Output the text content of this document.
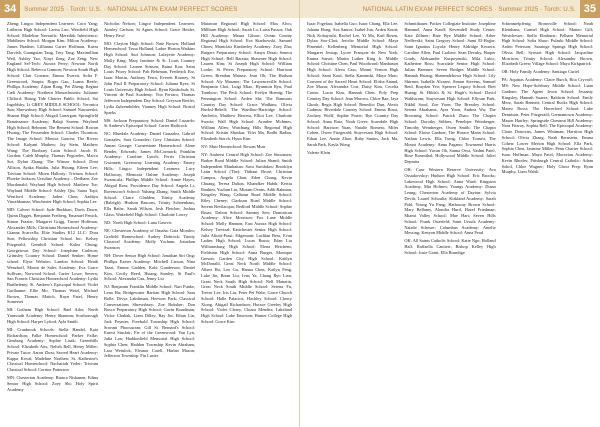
34	Summer 2025 · Torch: U.S. · NATIONAL LATIN EXAM PERFECT SCORES

Zheng; Lingco Independent Learners: Coco Yang; Littleton High School: Larisa Luo; Westfield High School: Madeline Navratils; Meredith Inheritence; Middlesex School: Morgan Kim; Milton Academy: James Bradner, Lillianna Carter Hoffman, Kaera Darvish, Guangxian Tang, Trey Tang, Maximillian Weil, Ashley Yao, Xinyi Zeng, Zoe Zeng; New England Sel-Tech: Aurora Perry; Newton North High School: Rebecca Gannon; Newton South High School: Clair Corrane, Emma Everett, Sofia F. Greenwood, Soupir; Roger Gao, Luana Reefe; Phillips Academy: Zijian Rong, Pei Zheng; Regina Cæli Academy: Northern Massachusetts: Julianne Clifford; Rising Tide Charter Public School; Sai Ingoldsby, Li GREY MIDDLE SCHOOL: Veronica Sun; Shrewsbury High School: Samuel Nawazeshi; Sharon High School: Abigail Lonergan; Springfield Renaissance Academy; Balaji Soreen; Wayland High School; Belmont; The Bement School: Rowan Hwang; The Fessenden School: Charles Thornton; The Image School: Monica Gaucea; The Rivers School: Kalyani Mathew; Jay Stein, Matthew Wang; The Roxbury Latin School: Jacob B. Gordon; Caleb Murphy, Thomas Pogorelec, Marco Sui; Dylan Zhang; The Winsor School: Dora Allison, Ayaka Hatabu, Julia Hsiung, Eileen Lee; Trivium School: Miren Hallorty; Trivium School: Phoebe Jackson; Ursuline Academy – Dedham: Zoe Macdonald; Wayland High School: Matthew Tse; Wayland Middle School: Ashley Qiu, Saara Topi; Westford Academy: Jaden Chen, Aaditya Vinothkumar; Winchester High School: Sophia Lee

MD: Calvert School: Jude Burkhart, Davis Dawn, Quinn Digges, Benjamin Freiberg, Emanuel Fenick, Simon Frazier, Margaret Grigg, Turner Hoffman, Alexander Mills; Christiana Homeschool Academy: Gianna Scarcella; Elite Studies K12 LLC: Dora Sun; Fellowship Christian School Inc: Kelsey Fitzgerald; Geenhill School: Kalea Chung; Georgetown Day School: Josephine Carleton; Grimsley Country School: Daniel Senker; Home school: Elyse Webster; Landon School: Heath Wenzhoff, Mount de Sales Academy: Eva Grace Sullivan; Norwood School: Carter Lowe; Severn; San Francis Christian Homeschool Academy: Lydia Barthelemy; St. Andrew's Episcopal School: Violet Guillaume; Ellie Mo, Thomas Wetzl, Michael Brown, Thomas Matich, Rayn Patel, Henry Somerset

MI: Gotham High School: Rael Atler, North Yarmouth Academy: Henry Shannon; Scarborough High School: Harper Lyford, Ayla Smith

MI: Cranbrook Schools: Stella Handel, Kaia Richardson; Falke Homeschool: Parker Falke; Ginsburg Academy: Sophie Lisak; Greenhills School: Elizabeth Arts, Nelieh Bell, Henry Miller; Private Tutor: Aaron Zhou; Sacred Heart Academy; Kappa Koval; Madeline Northen; St. Katherine's Classical Homeschool: Nachariah Yoder; Trivium Classical School: Corrine Patterson

MN: Chesterton Academy: Bianca Niskanen; Edina Senior High School: Zoey Shi; Holy Spirit Academy

Nicholas Nelson; Lingco Independent Learners: Ainsley Carlson; St Agnes School: Grace Heider, Henry Pawl

MO: Clayton High School: Nate Brown; Holland Homeschool: Tessa Holland; Ladue Horton Watkins High School: Suri Johnson; Lafayette Academy: Molly King; Mary Institute & St. Louis Country Day School: Lauren Stinson; Raina Kou; Saint Louis Priory School: Pab Behrman, Frederick Erz, Isaac Martin, Anthony Ferra, Everett Rooney, St John Paul II Preparatory School: Juliana Ryes; St Louis University High School: Ryan Kindschuh; St. Vincent de Paul Academy: Vito Ferraro; Thomas Jefferson Independent Day School: Greyson Bretler, Lydia Zuhrendulder; Vianney High School: Bristol Sparks

MS: Jackson Preparatory School: Daniel Luzardo; St Andrew's Episcopal School: Carter Hathcock

NC: Bluedale Academy: Daniel Gonzalez, Gabriel Gonzales; Sara Gonzalez; Grey Christian School: Annan George; Cornerstone Homeschool: Alene Bender, Edwards; James McCormack; Franklin Academy: Caroline Lynch; Ferris Christian Gwinnett; Greenway Learning Academy: Emery Hills; Lingco Independent Learners: Lucy Holloway; Memoria Online Academy: Joseph Swanscala; Phillips Middle School: Annie Hayes, Abigail Ross; Providence Day School: Angela Li, Ravenscroft School: Yuhang Zhang; Smith Middle School: Claire Gladden; Trinity Academy (Raleigh): Hudson Bascom, Trinity Schoenhaus, Ella Bathe, Sarah Wilson, Josh Fletcher, Joshua Glass; Wakefield High School: Charlotte Lowry

ND: North High School: Luna Gasevic

NE: Chesterton Academy of Omaha: Gaia Morales; Grafield Homeschool: Audrey Dobrock; Trinity Classical Academy: Molly Yochum, Jonathan Swanson

NH: Dover Senior High School: Jonathan Siri Ong; Phillips Exeter Academy: Mitchell Carson, Nina Tazzi, Emma Gadden, Kohi Gunderson, Daniel Kim, Cecily Reed, Hsiang Stanley; St Paul's School: Alexandra Cau, Jenny Liu

NJ: Benjamin Franklin Middle School: Nari Funke, Lena Hu; Bridgewater Raritan High School: Sara Bolle, Divya Lakshman, Heewon Park; Classical Conversations Shrewsbury: Zoe Boksher; Don Bosco Preparatory High School: Gavin Boardman, Victor Chubak, Liam Dilley, Ray Jin, Ethan Lin, Jack Poynter; Freehold Township High School: Sravani Phoosuram; Gill St. Bernard's School: Ernest Sinclair; Fie of the Greenwood: Yan Lyn, Julia Lan; Haddonfield Memorial High School: Sophia Chen; Haddon Township Kevin Abraham, Lara Weinlick, Eleanor Carell, Harlan Mason; Jefferson Township: Fin Luster

Matawan Regional High School: Max Alws; Millburn High School: Sarah Lo, Luisa Passos; Oak Hill Academy: Maura Gilson; Ocean County Regional High School: Eva Skadrowski, Samuel Clines; Montclair Kimberley Academy: Zoey Zhu; Rutgers Preparatory School: Aanya Desai; Seneca High School: Bell Baratta; Shawnee High School: Lauren Kim; St Joseph High School: William Looke; St Peters Preparatory School: Harrison Green, Brendan Matuse, Jean Oh; The Hudson School: Aly Marzner; The Lawrenceville School: Benjamin Choi, Luigi Miao, Hyunmin Ryu, Paul Turnbow; The Peck School: Evelyn Hoenig; The Pennington School: Arden Shi; The Ramsons Country Day School: Grace Wadkins; Olivia Bucksl-Bekelf; The Wardlaw-Hartridge School: Anchetta, Matthew Herrera, Elliot Lee, Charlotte Swartz; Wall High School: Avonlee McInnes, William Allen; Watchung Hills Regional High School: Kristin Shaxkar, Yifei Ma, Bodhi Radim, Elizabeth Storch, Hyun Kim

NV: Muir Homeschool: Rowan Muir

NY: Amherst Central High School: Zoe Simonsen; Barker Road Middle School: Julian Shand; Smith Independent Manhattan: Sava Saridakos; Brooklyn Latin School (The): Thibaut Brosé, Christian Campos, Angela Chan, Eden Chung, Kevin Chuang, Teresa Dalton, Khandker Habib, Kerttu Ibrahim, Yuchun Liu, Miriam Ovans, Adib Rahman, Kingsley Wang; Calhoun Road Middle School: Riley Cheney; Clarkson Road Middle School: Serena Bevilacqua; Bedford Middle School: Sophie Bruas; Dalton School: Sammy Sen; Dominican Academy: Alice Morrison; Fox Lane Middle School: Molly Hannon; East Aurora High School: Kelsey Trevizal; Eastchester Senior High School: Julia Aliotti-Passi; Edgemont: Lachlan Bess, Evan Ladies High School; Lucas Russo; Edan Liu Williamsburg High School: Elena Hetchens; Fieldston High School: Anna Burges, Monique Gerson; Garden City High School: Kaitlyn McDonald, Great Neck North Middle School: Albert Hu, Leo Gu, Hanna Chen, Kailyn Feng, Luke Jin, Brian Liu, Ivan Ya, Chang Ryo Lian; Great Neck South High School: Nell Manarin, Great Neck South Middle School: Serena Fu, Trevor Lee, Iris Liu, Peter Pei Wahr; Grace Church School: Halle Palacios; Hackley School: Cherry Xiong, Abigail Richardson; Horace Greeley High School: Violet Cleary, Chiara Mendez; Lakeland High School: Luke Emerson; Hunter College High School: Grace Kim

NATIONAL LATIN EXAM PERFECT SCORES · Summer 2025 · Torch: U.S. 35

Isaac Fogelaar, Isabella Guo; Isaac Chang, Ella Lee, Johann Hong; Ava Santos; Isabel Jun, Arden Knott; Nick Kobayashi, Rachel Lee, Yi Mu, Karl Rosen, Dylan Soo-Choi; Jericho Middle School: Maya Pimentel; Kellenberg Memorial High School: Margaret Jessup; Lycee Français de New York: Emma Sarsot; Martin Luther King Jr. Middle School: Christine Chen, Paul Woodward; Manhasset High School: Alexa Cass; Mount Vernon High School: Sami Koul, Stella Kaminski, Maya Mrac; Convent of the Sacred Heart School: Elisha Anand, Zoe Mazur, Alexandra Corr, Daisy Kim, Cecelia Castro, Lucia Kim, Hannah Chen; Poly Prep Country Day School: Jean Morrow, Chloe Bae, Jaya Ghosh; Regis High School: Benedict Dun, Alexis Cadmus; Riverdale Country School: Emma Rossi, Zachary Wolff, Sophie Porter; Rye Country Day School: Anna Ruiz, Noah Greer; Scarsdale High School: Harrison Yuan, Natalie Romero, Miles Cohen, Owen Fitzgerald; Stuyvesant High School: Ethan Lee, Annie Zhao, Ruby Santos, Jack Ma, Sarah Park, Kayla Wong

Valerie Klein

Schmitthauer, Packer Collegiate Institute: Josephine Hammel, Anna Kauff; Kevendell Study Center; Kate Zillmer; Rate Bye Middle School: Arber Nedlevski; Saint Gregory School: Sami El-Hajjar; Saint Ignatius Loyola: Henry Aldridge Kessera, Caroline Allen, Paul Carlone, Sean Devaky, Harper Grady, Aleksander Kurpoyenski, Mila Lukic, Katherine Ross; Scarsdale Senior High School: Julian Bronner; Seven Bridges Middle School: Hannah Hsiang; Shenendehowa High School: Lily Shirmer, Isabella Alvarez, Simon Stevens, Samuel Reid, Brayden Yeo; Spencer Legacy School: Bret Huang; St. Hilda's & St. Hugh's School: David Wahlstrom; Stuyvesant High School: Ellysan Park, Nikhil Sood, Zoe Yoon; The Brearley School: Serena Abrahams, Ayra Yoon, Andrea Wu; The Browning School: Patrick Zhao; The Chapin School: Dorothy Stibbes, Penelope Weinberger, Timothy Weinberger, Owen Smith; The Chapin School: Eloise Gardner, The Horace Mann School: Nathan Lewis, Ella Tseng, Chloe Tousett, The Mount Academy: Anna Pagano; Townsend Harris High School: Yuvan Oh, Sanna Orva, Vashni Patel, Rose Rosenthal; Hollywood Middle School: Juliet Depratta

OH: Case Western Reserve University: Ava Ossiakovskiy; Hudson High School: Eric Brooks; Lakewood High School: Anna Ward; Kingston Academy, Mia Holmes; Youngs Academy: Diana Leung; Chesterton Academy of Dayton: Sylvia Devitt, Laurel Schoultz; Kirkland Academy: Sarah Pohl, Young Yu Pang; Hathaway Brown School: Mary Bellamy, Alondra Hurd, Hazel Friedman; Miami Valley School: Mae Hart; Seven Hills School: Frank Osterfeld; Saint Ursula Academy: Natalie Scheuer; Columbus Academy: Amelie Messing; Kenyon Middle School: Anna Pearl

OK: All Saints Catholic School: Katie Ngo; Holland Hall: Raffaella Cantieri; Bishop Kelley High School: Josie Grant, Ella Brundige

Schimmelpfenig; Bronxville School: Noah Kleinhans; Carmel High School: Matteo Gill; Westchester: Stella Elmhurst; Pelham Memorial High School: Sofia Shaw; Pulaski Middle School: Arden Peterson; Saratoga Springs High School: Olivia Bell; Syosset High School: Jacqueline Morrison; Trinity School: Alexander Brown, Elizabeth Green; Village School: Maya Kirkpatrick

OR: Holy Family Academy: Santiago Curiel

PA: Aquinas Academy: Claire Burch, Rita Cryvoff; MS: New Hope-Solebury Middle School: Liam Gardner; The Agnes Irwin School: Jessamy Kingsley, Hannah Suarez; Baldwin School: Emily Merz, Sarah Bennett; Central Bucks High School: Mateo Rossi; The Haverford School: Luke Dennison, Peter Fitzgerald; Germantown Academy: Mason Hartley; Springside Chestnut Hill Academy: Nora Fitzroy, Sophia Bell; The Episcopal Academy: Claire Donovan, James Whitman; Harriton High School: Olivia Zhang, Noah Bernstein, Emma Cohen; Lower Merion High School: Ella Park, Sophia Chen, Jasmine Miller; Penn Charter School: Isaac Hoffman, Maya Patel; Moravian Academy: Kevin Rhodes; Pittsburgh Central Catholic: Adam Sokol, Chloe Wagner; Holy Ghost Prep: Ryan Murphy, Liam Walsh
